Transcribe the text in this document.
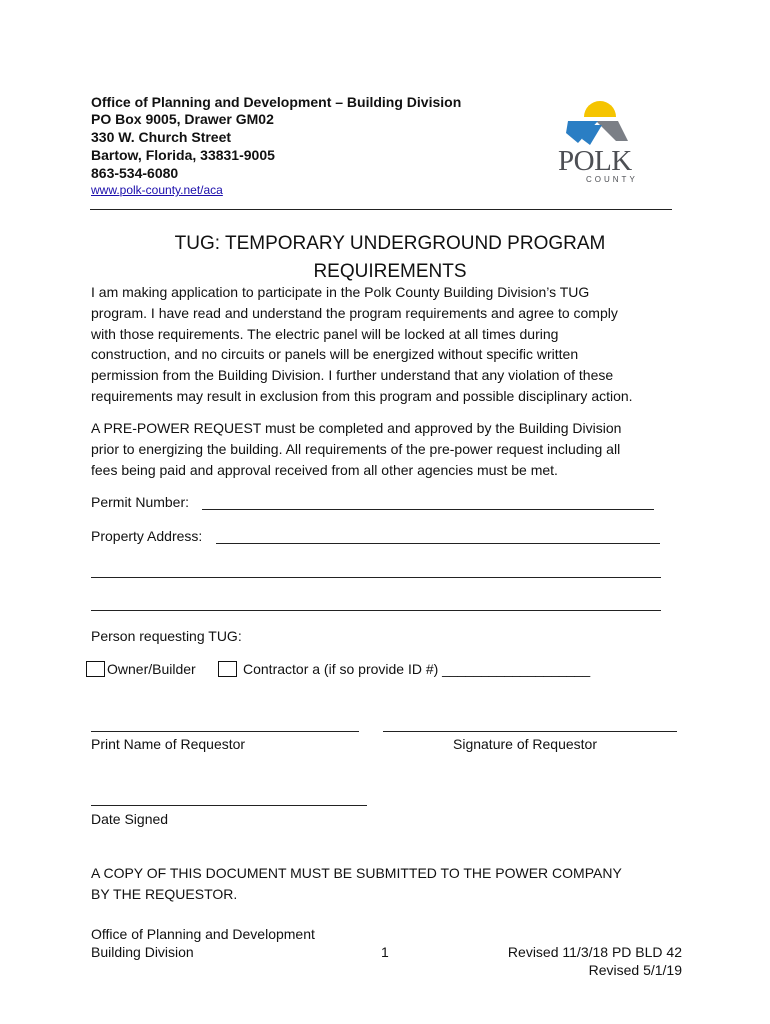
Office of Planning and Development – Building Division
PO Box 9005, Drawer GM02
330 W. Church Street
Bartow, Florida, 33831-9005
863-534-6080
www.polk-county.net/aca
POLK
COUNTY
TUG: TEMPORARY UNDERGROUND PROGRAM
REQUIREMENTS
I am making application to participate in the Polk County Building Division’s TUG
program. I have read and understand the program requirements and agree to comply
with those requirements. The electric panel will be locked at all times during
construction, and no circuits or panels will be energized without specific written
permission from the Building Division. I further understand that any violation of these
requirements may result in exclusion from this program and possible disciplinary action.
A PRE-POWER REQUEST must be completed and approved by the Building Division
prior to energizing the building. All requirements of the pre-power request including all
fees being paid and approval received from all other agencies must be met.
Permit Number:
Property Address:
Person requesting TUG:
Owner/Builder	Contractor a (if so provide ID #) ___________________
Print Name of Requestor	Signature of Requestor
Date Signed
A COPY OF THIS DOCUMENT MUST BE SUBMITTED TO THE POWER COMPANY
BY THE REQUESTOR.
Office of Planning and Development
Building Division	1	Revised 11/3/18 PD BLD 42
Revised 5/1/19
